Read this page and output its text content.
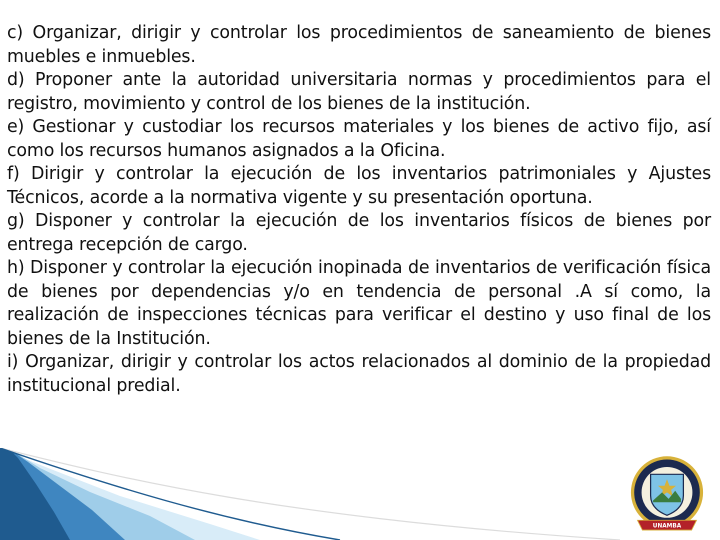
c) Organizar, dirigir y controlar los procedimientos de saneamiento de bienes muebles e inmuebles.

d) Proponer ante la autoridad universitaria normas y procedimientos para el registro, movimiento y control de los bienes de la institución.

e) Gestionar y custodiar los recursos materiales y los bienes de activo fijo, así como los recursos humanos asignados a la Oficina.

f) Dirigir y controlar la ejecución de los inventarios patrimoniales y Ajustes Técnicos, acorde a la normativa vigente y su presentación oportuna.

g) Disponer y controlar la ejecución de los inventarios físicos de bienes por entrega recepción de cargo.

h) Disponer y controlar la ejecución inopinada de inventarios de verificación física de bienes por dependencias y/o en tendencia de personal .A sí como, la realización de inspecciones técnicas para verificar el destino y uso final de los bienes de la Institución.

i) Organizar, dirigir y controlar los actos relacionados al dominio de la propiedad institucional predial.

UNAMBA
